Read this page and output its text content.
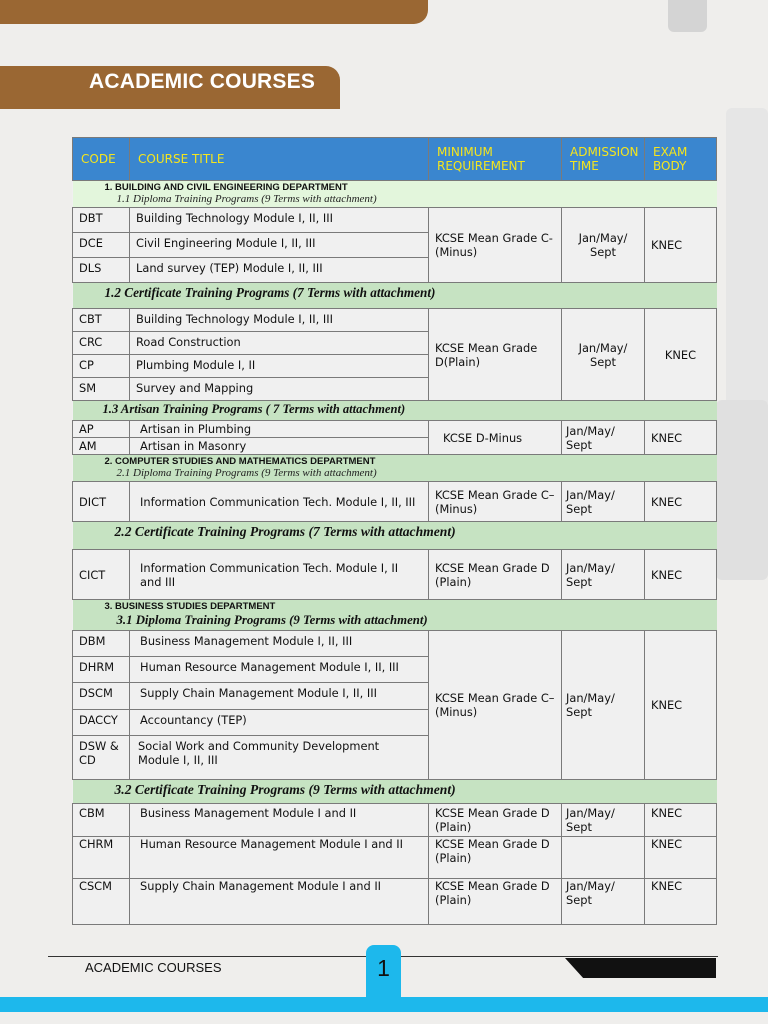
ACADEMIC COURSES
CODE	COURSE TITLE	MINIMUM REQUIREMENT	ADMISSION TIME	EXAM BODY

1. BUILDING AND CIVIL ENGINEERING DEPARTMENT
1.1 Diploma Training Programs (9 Terms with attachment)				

DBT	Building Technology Module I, II, III	KCSE Mean Grade C- (Minus)	Jan/May/ Sept	KNEC
DCE	Civil Engineering Module I, II, III			
DLS	Land survey (TEP) Module I, II, III			

1.2 Certificate Training Programs (7 Terms with attachment)				

CBT	Building Technology Module I, II, III	KCSE Mean Grade D(Plain)	Jan/May/ Sept	KNEC
CRC	Road Construction			
CP	Plumbing Module I, II			
SM	Survey and Mapping			

1.3 Artisan Training Programs ( 7 Terms with attachment)				

AP	Artisan in Plumbing	KCSE D-Minus	Jan/May/ Sept	KNEC
AM	Artisan in Masonry			

2. COMPUTER STUDIES AND MATHEMATICS DEPARTMENT
2.1 Diploma Training Programs (9 Terms with attachment)				

DICT	Information Communication Tech. Module I, II, III	KCSE Mean Grade C–(Minus)	Jan/May/ Sept	KNEC

2.2 Certificate Training Programs (7 Terms with attachment)				

CICT	Information Communication Tech. Module I, II and III	KCSE Mean Grade D (Plain)	Jan/May/ Sept	KNEC

3. BUSINESS STUDIES DEPARTMENT
3.1 Diploma Training Programs (9 Terms with attachment)				

DBM	Business Management Module I, II, III	KCSE Mean Grade C– (Minus)	Jan/May/ Sept	KNEC
DHRM	Human Resource Management Module I, II, III			
DSCM	Supply Chain Management Module I, II, III			
DACCY	Accountancy (TEP)			
DSW & CD	Social Work and Community Development Module I, II, III			

3.2 Certificate Training Programs (9 Terms with attachment)				

CBM	Business Management Module I and II	KCSE Mean Grade D (Plain)	Jan/May/ Sept	KNEC
CHRM	Human Resource Management Module I and II	KCSE Mean Grade D (Plain)		KNEC
CSCM	Supply Chain Management Module I and II	KCSE Mean Grade D (Plain)	Jan/May/ Sept	KNEC
ACADEMIC COURSES	1
